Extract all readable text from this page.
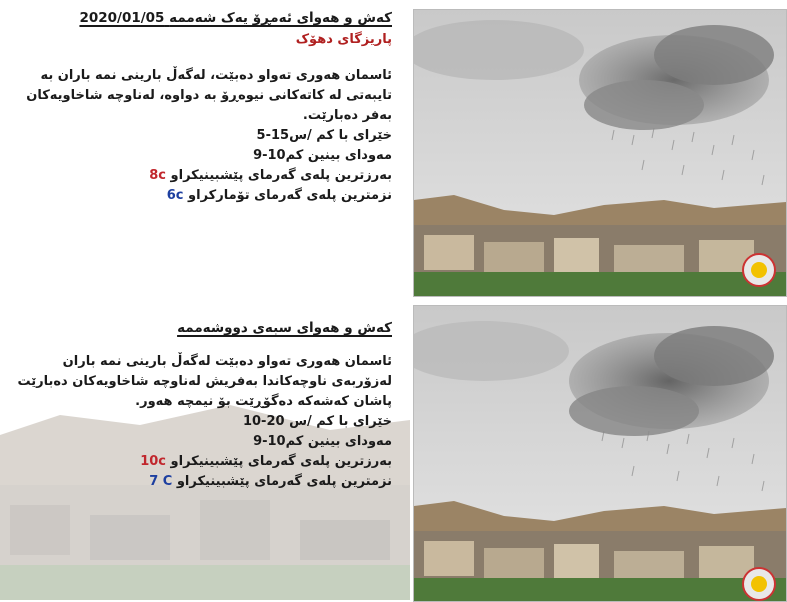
کەش و هەوای ئەمڕۆ یەک شەممە 2020/01/05

پاریزگای دهۆک

ئاسمان هەوری تەواو دەبێت، لەگەڵ بارینی نمە باران بە تایبەتی لە کاتەکانی نیوەڕۆ بە دواوە، لەناوچە شاخاویەکان بەفر دەبارێت.

خێرای با 5-15کم /س

مەودای بینین 9-10کم

بەرزترین پلەی گەرمای پێشبینیکراو 8c

نزمترین پلەی گەرمای تۆمارکراو 6c

کەش و هەوای سبەی دووشەممە

ئاسمان هەوری تەواو دەبێت لەگەڵ بارینی نمە باران لەزۆربەی ناوچەکاندا بەفریش لەناوچە شاخاویەکان دەبارێت پاشان کەشەکە دەگۆڕێت بۆ نیمچە هەور.

خێرای با 10-20 کم /س

مەودای بینین 9-10کم

بەرزترین پلەی گەرمای پێشبینیکراو 10c

نزمترین پلەی گەرمای پێشبینیکراو 7 C
